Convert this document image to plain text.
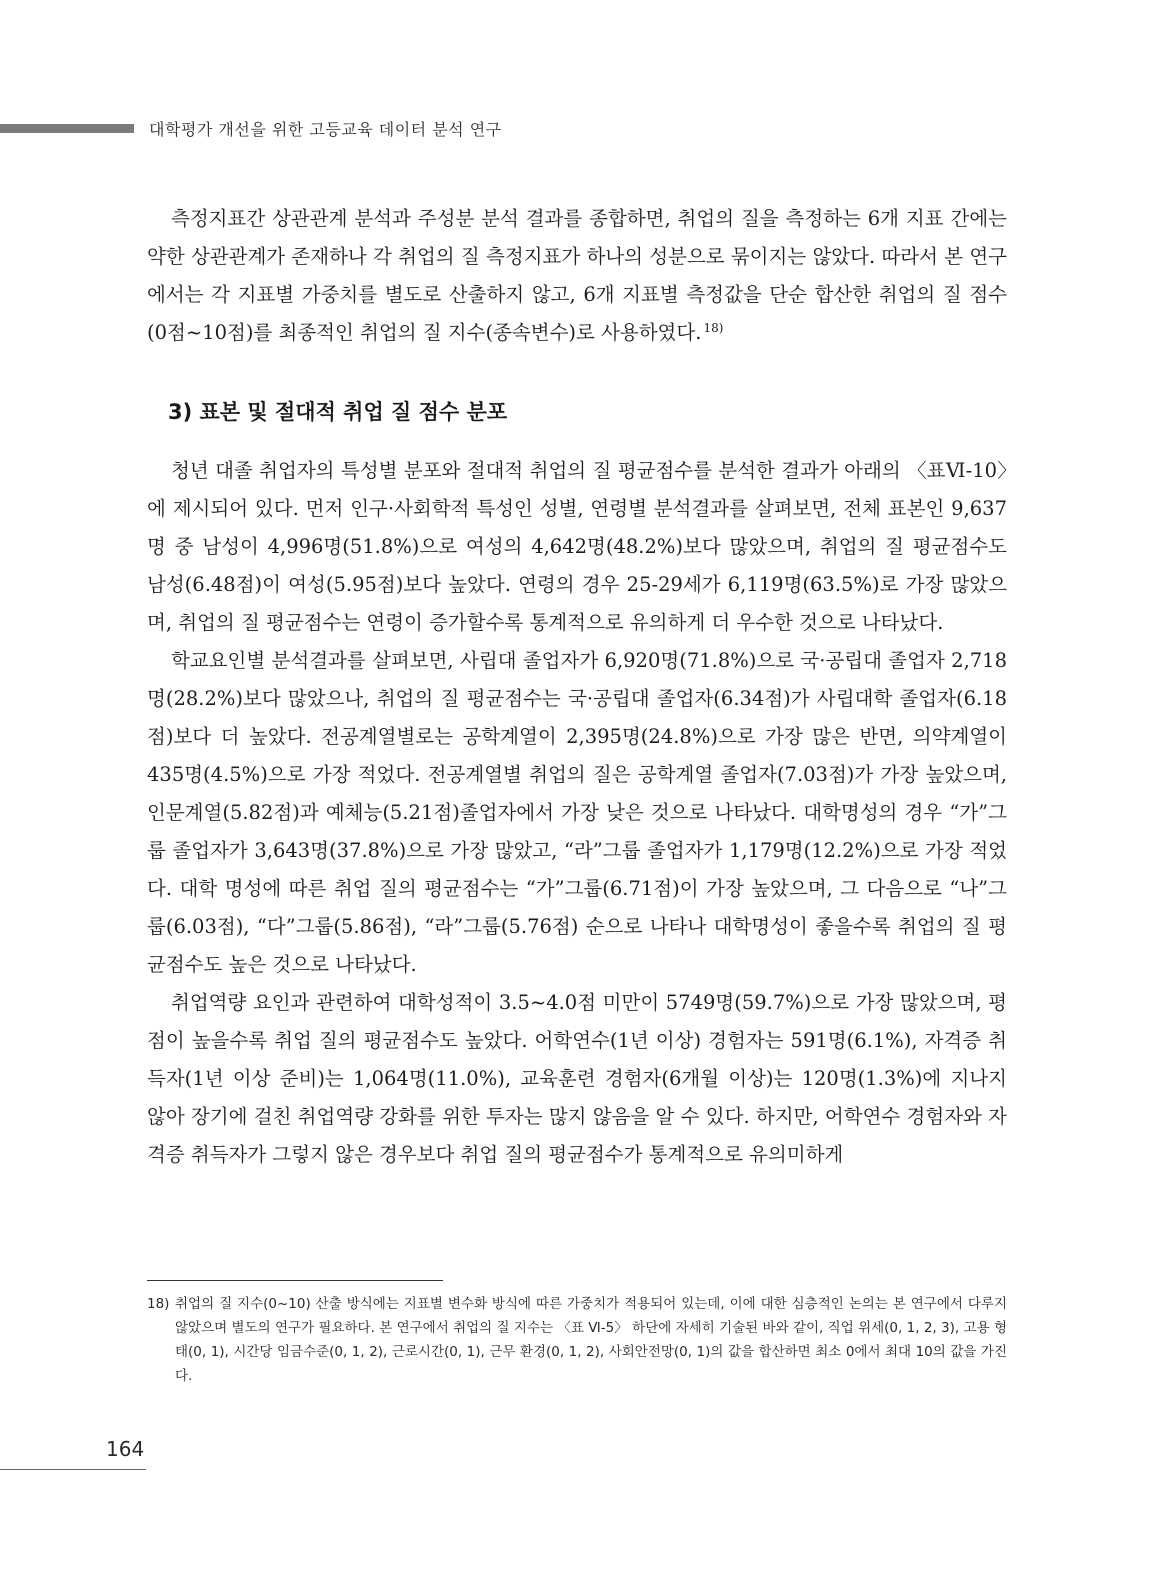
대학평가 개선을 위한 고등교육 데이터 분석 연구

측정지표간 상관관계 분석과 주성분 분석 결과를 종합하면, 취업의 질을 측정하는 6개 지표 간에는 약한 상관관계가 존재하나 각 취업의 질 측정지표가 하나의 성분으로 묶이지는 않았다. 따라서 본 연구에서는 각 지표별 가중치를 별도로 산출하지 않고, 6개 지표별 측정값을 단순 합산한 취업의 질 점수(0점~10점)를 최종적인 취업의 질 지수(종속변수)로 사용하였다. $^{18)}$

3) 표본 및 절대적 취업 질 점수 분포

청년 대졸 취업자의 특성별 분포와 절대적 취업의 질 평균점수를 분석한 결과가 아래의 〈표Ⅵ-10〉에 제시되어 있다. 먼저 인구·사회학적 특성인 성별, 연령별 분석결과를 살펴보면, 전체 표본인 9,637명 중 남성이 4,996명(51.8%)으로 여성의 4,642명(48.2%)보다 많았으며, 취업의 질 평균점수도 남성(6.48점)이 여성(5.95점)보다 높았다. 연령의 경우 25-29세가 6,119명(63.5%)로 가장 많았으며, 취업의 질 평균점수는 연령이 증가할수록 통계적으로 유의하게 더 우수한 것으로 나타났다.

학교요인별 분석결과를 살펴보면, 사립대 졸업자가 6,920명(71.8%)으로 국·공립대 졸업자 2,718명(28.2%)보다 많았으나, 취업의 질 평균점수는 국·공립대 졸업자(6.34점)가 사립대학 졸업자(6.18점)보다 더 높았다. 전공계열별로는 공학계열이 2,395명(24.8%)으로 가장 많은 반면, 의약계열이 435명(4.5%)으로 가장 적었다. 전공계열별 취업의 질은 공학계열 졸업자(7.03점)가 가장 높았으며, 인문계열(5.82점)과 예체능(5.21점)졸업자에서 가장 낮은 것으로 나타났다. 대학명성의 경우 “가”그룹 졸업자가 3,643명(37.8%)으로 가장 많았고, “라”그룹 졸업자가 1,179명(12.2%)으로 가장 적었다. 대학 명성에 따른 취업 질의 평균점수는 “가”그룹(6.71점)이 가장 높았으며, 그 다음으로 “나”그룹(6.03점), “다”그룹(5.86점), “라”그룹(5.76점) 순으로 나타나 대학명성이 좋을수록 취업의 질 평균점수도 높은 것으로 나타났다.

취업역량 요인과 관련하여 대학성적이 3.5~4.0점 미만이 5749명(59.7%)으로 가장 많았으며, 평점이 높을수록 취업 질의 평균점수도 높았다. 어학연수(1년 이상) 경험자는 591명(6.1%), 자격증 취득자(1년 이상 준비)는 1,064명(11.0%), 교육훈련 경험자(6개월 이상)는 120명(1.3%)에 지나지 않아 장기에 걸친 취업역량 강화를 위한 투자는 많지 않음을 알 수 있다. 하지만, 어학연수 경험자와 자격증 취득자가 그렇지 않은 경우보다 취업 질의 평균점수가 통계적으로 유의미하게

18) 취업의 질 지수(0~10) 산출 방식에는 지표별 변수화 방식에 따른 가중치가 적용되어 있는데, 이에 대한 심층적인 논의는 본 연구에서 다루지 않았으며 별도의 연구가 필요하다. 본 연구에서 취업의 질 지수는 〈표 Ⅵ-5〉 하단에 자세히 기술된 바와 같이, 직업 위세(0, 1, 2, 3), 고용 형태(0, 1), 시간당 임금수준(0, 1, 2), 근로시간(0, 1), 근무 환경(0, 1, 2), 사회안전망(0, 1)의 값을 합산하면 최소 0에서 최대 10의 값을 가진다.
164
